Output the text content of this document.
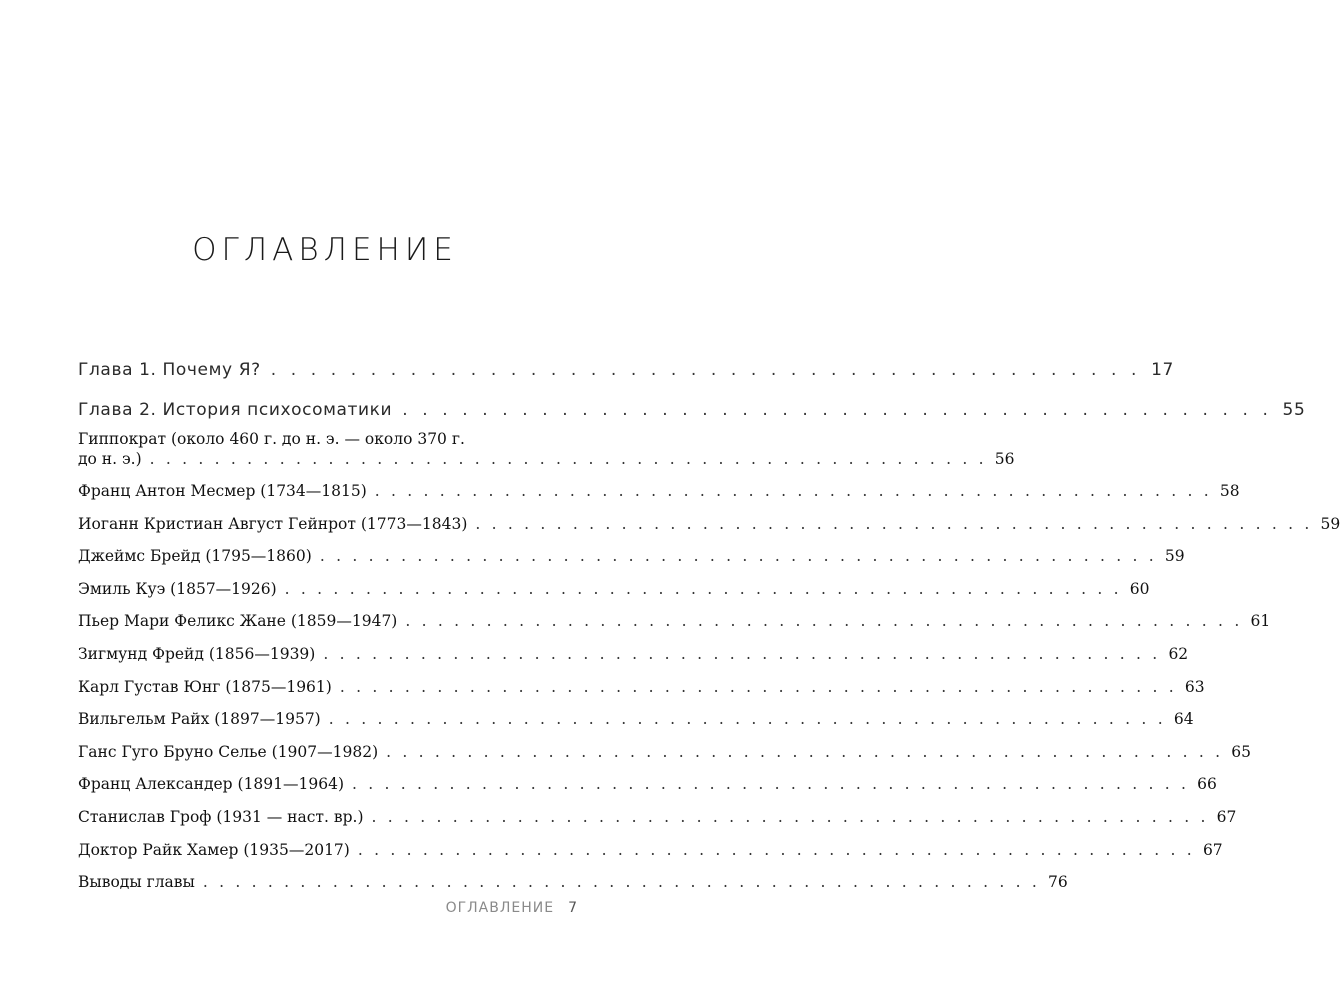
ОГЛАВЛЕНИЕ
Глава 1. Почему Я? . . . . . . . . . . . . . . . . . . . . . . . . . . . . . . . . . . . . . . . . . . . . 17
Глава 2. История психосоматики . . . . . . . . . . . . . . . . . . . . . . . . . . . . . . . . . . . . . . . . . . . . 55
Гиппократ (около 460 г. до н. э. — около 370 г.
до н. э.) . . . . . . . . . . . . . . . . . . . . . . . . . . . . . . . . . . . . . . . . . . . . . . . . . . . . 56
Франц Антон Месмер (1734—1815) . . . . . . . . . . . . . . . . . . . . . . . . . . . . . . . . . . . . . . . . . . . . . . . . . . . . 58
Иоганн Кристиан Август Гейнрот (1773—1843) . . . . . . . . . . . . . . . . . . . . . . . . . . . . . . . . . . . . . . . . . . . . . . . . . . . . 59
Джеймс Брейд (1795—1860) . . . . . . . . . . . . . . . . . . . . . . . . . . . . . . . . . . . . . . . . . . . . . . . . . . . . 59
Эмиль Куэ (1857—1926) . . . . . . . . . . . . . . . . . . . . . . . . . . . . . . . . . . . . . . . . . . . . . . . . . . . . 60
Пьер Мари Феликс Жане (1859—1947) . . . . . . . . . . . . . . . . . . . . . . . . . . . . . . . . . . . . . . . . . . . . . . . . . . . . 61
Зигмунд Фрейд (1856—1939) . . . . . . . . . . . . . . . . . . . . . . . . . . . . . . . . . . . . . . . . . . . . . . . . . . . . 62
Карл Густав Юнг (1875—1961) . . . . . . . . . . . . . . . . . . . . . . . . . . . . . . . . . . . . . . . . . . . . . . . . . . . . 63
Вильгельм Райх (1897—1957) . . . . . . . . . . . . . . . . . . . . . . . . . . . . . . . . . . . . . . . . . . . . . . . . . . . . 64
Ганс Гуго Бруно Селье (1907—1982) . . . . . . . . . . . . . . . . . . . . . . . . . . . . . . . . . . . . . . . . . . . . . . . . . . . . 65
Франц Александер (1891—1964) . . . . . . . . . . . . . . . . . . . . . . . . . . . . . . . . . . . . . . . . . . . . . . . . . . . . 66
Станислав Гроф (1931 — наст. вр.) . . . . . . . . . . . . . . . . . . . . . . . . . . . . . . . . . . . . . . . . . . . . . . . . . . . . 67
Доктор Райк Хамер (1935—2017) . . . . . . . . . . . . . . . . . . . . . . . . . . . . . . . . . . . . . . . . . . . . . . . . . . . . 67
Выводы главы . . . . . . . . . . . . . . . . . . . . . . . . . . . . . . . . . . . . . . . . . . . . . . . . . . . . 76
ОГЛАВЛЕНИЕ 7
